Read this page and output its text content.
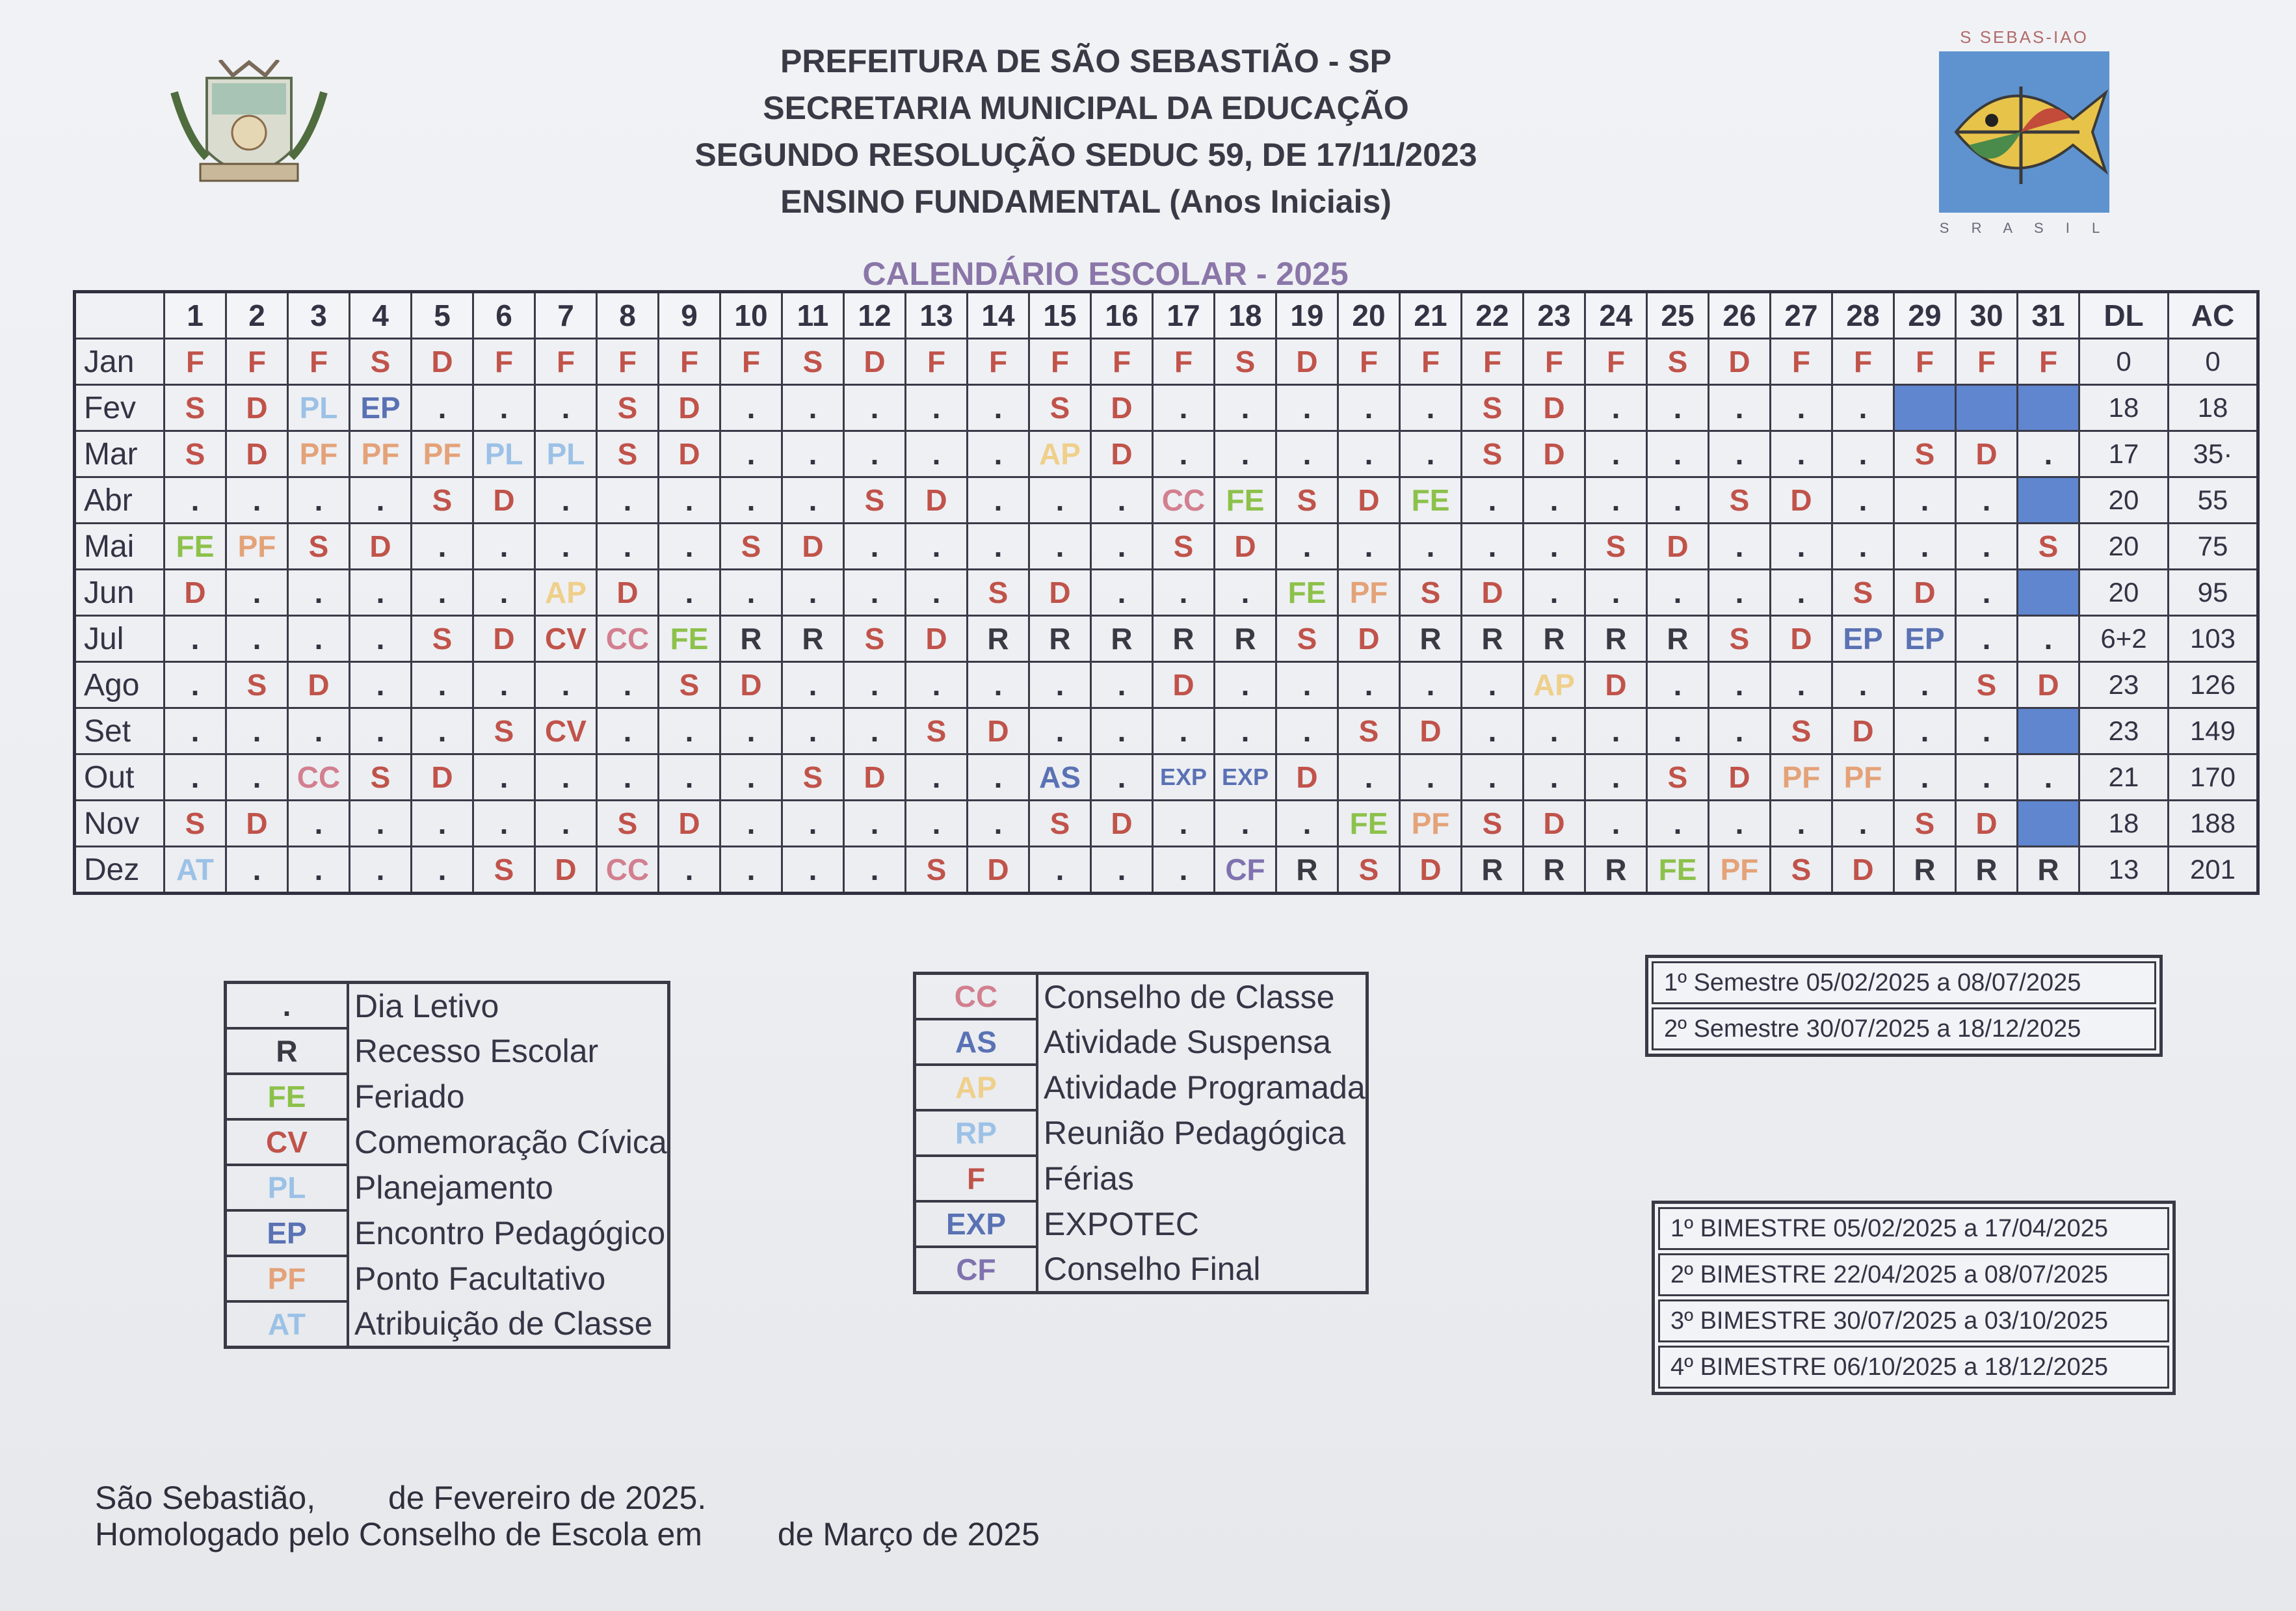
PREFEITURA DE SÃO SEBASTIÃO - SP
SECRETARIA MUNICIPAL DA EDUCAÇÃO
SEGUNDO RESOLUÇÃO SEDUC 59, DE 17/11/2023
ENSINO FUNDAMENTAL (Anos Iniciais)
S SEBAS-IAO
S R A S I L
CALENDÁRIO ESCOLAR - 2025
	1	2	3	4	5	6	7	8	9	10	11	12	13	14	15	16	17	18	19	20	21	22	23	24	25	26	27	28	29	30	31	DL	AC
Jan	F	F	F	S	D	F	F	F	F	F	S	D	F	F	F	F	F	S	D	F	F	F	F	F	S	D	F	F	F	F	F	0	0
Fev	S	D	PL	EP	.	.	.	S	D	.	.	.	.	.	S	D	.	.	.	.	.	S	D	.	.	.	.	.				18	18
Mar	S	D	PF	PF	PF	PL	PL	S	D	.	.	.	.	.	AP	D	.	.	.	.	.	S	D	.	.	.	.	.	S	D	.	17	35·
Abr	.	.	.	.	S	D	.	.	.	.	.	S	D	.	.	.	CC	FE	S	D	FE	.	.	.	.	S	D	.	.	.		20	55
Mai	FE	PF	S	D	.	.	.	.	.	S	D	.	.	.	.	.	S	D	.	.	.	.	.	S	D	.	.	.	.	.	S	20	75
Jun	D	.	.	.	.	.	AP	D	.	.	.	.	.	S	D	.	.	.	FE	PF	S	D	.	.	.	.	.	S	D	.		20	95
Jul	.	.	.	.	S	D	CV	CC	FE	R	R	S	D	R	R	R	R	R	S	D	R	R	R	R	R	S	D	EP	EP	.	.	6+2	103
Ago	.	S	D	.	.	.	.	.	S	D	.	.	.	.	.	.	D	.	.	.	.	.	AP	D	.	.	.	.	.	S	D	23	126
Set	.	.	.	.	.	S	CV	.	.	.	.	.	S	D	.	.	.	.	.	S	D	.	.	.	.	.	S	D	.	.		23	149
Out	.	.	CC	S	D	.	.	.	.	.	S	D	.	.	AS	.	EXP	EXP	D	.	.	.	.	.	S	D	PF	PF	.	.	.	21	170
Nov	S	D	.	.	.	.	.	S	D	.	.	.	.	.	S	D	.	.	.	FE	PF	S	D	.	.	.	.	.	S	D		18	188
Dez	AT	.	.	.	.	S	D	CC	.	.	.	.	S	D	.	.	.	CF	R	S	D	R	R	R	FE	PF	S	D	R	R	R	13	201
.	Dia Letivo
R	Recesso Escolar
FE	Feriado
CV	Comemoração Cívica
PL	Planejamento
EP	Encontro Pedagógico
PF	Ponto Facultativo
AT	Atribuição de Classe
CC	Conselho de Classe
AS	Atividade Suspensa
AP	Atividade Programada
RP	Reunião Pedagógica
F	Férias
EXP	EXPOTEC
CF	Conselho Final
1º Semestre 05/02/2025 a 08/07/2025
2º Semestre 30/07/2025 a 18/12/2025
1º BIMESTRE 05/02/2025 a 17/04/2025
2º BIMESTRE 22/04/2025 a 08/07/2025
3º BIMESTRE 30/07/2025 a 03/10/2025
4º BIMESTRE 06/10/2025 a 18/12/2025
São Sebastião, de Fevereiro de 2025.
Homologado pelo Conselho de Escola em de Março de 2025
